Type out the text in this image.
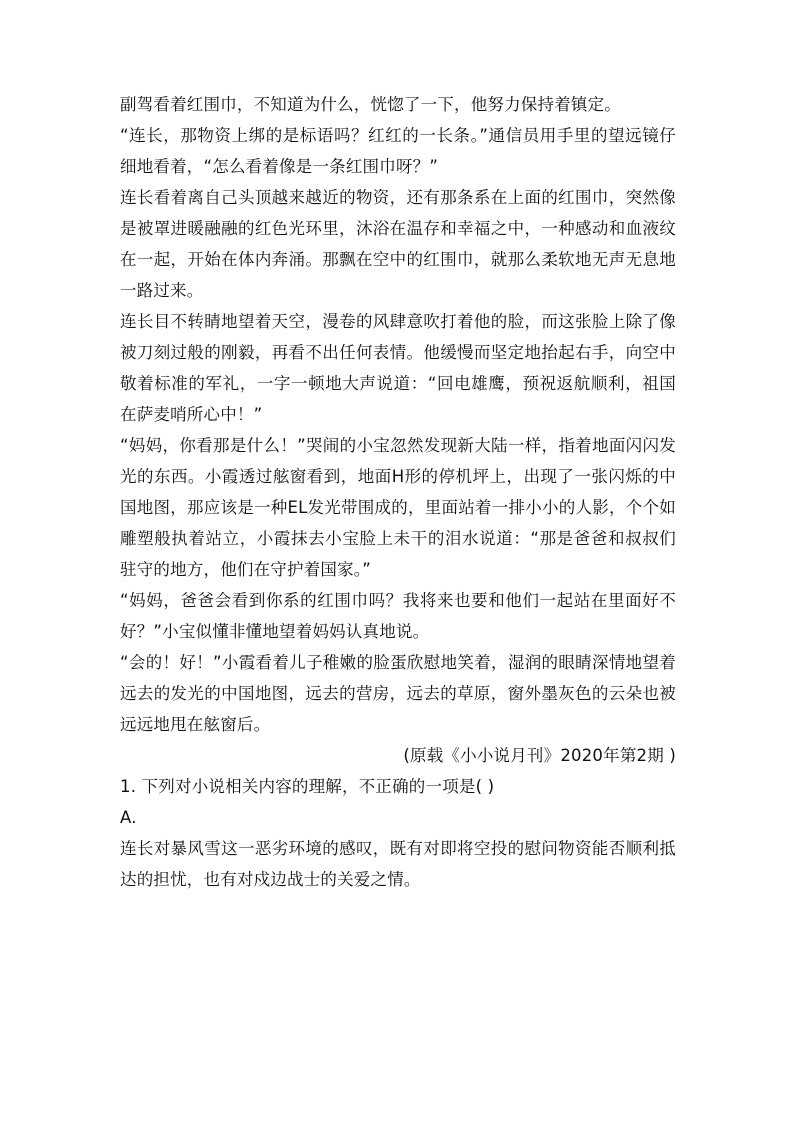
副驾看着红围巾，不知道为什么，恍惚了一下，他努力保持着镇定。

“连长，那物资上绑的是标语吗？红红的一长条。”通信员用手里的望远镜仔细地看着，“怎么看着像是一条红围巾呀？”

连长看着离自己头顶越来越近的物资，还有那条系在上面的红围巾，突然像是被罩进暖融融的红色光环里，沐浴在温存和幸福之中，一种感动和血液纹在一起，开始在体内奔涌。那飘在空中的红围巾，就那么柔软地无声无息地一路过来。

连长目不转睛地望着天空，漫卷的风肆意吹打着他的脸，而这张脸上除了像被刀刻过般的刚毅，再看不出任何表情。他缓慢而坚定地抬起右手，向空中敬着标准的军礼，一字一顿地大声说道：“回电雄鹰，预祝返航顺利，祖国在萨麦哨所心中！”

“妈妈，你看那是什么！”哭闹的小宝忽然发现新大陆一样，指着地面闪闪发光的东西。小霞透过舷窗看到，地面H形的停机坪上，出现了一张闪烁的中国地图，那应该是一种EL发光带围成的，里面站着一排小小的人影，个个如雕塑般执着站立，小霞抹去小宝脸上未干的泪水说道：“那是爸爸和叔叔们驻守的地方，他们在守护着国家。”

“妈妈，爸爸会看到你系的红围巾吗？我将来也要和他们一起站在里面好不好？”小宝似懂非懂地望着妈妈认真地说。

“会的！好！”小霞看着儿子稚嫩的脸蛋欣慰地笑着，湿润的眼睛深情地望着远去的发光的中国地图，远去的营房，远去的草原，窗外墨灰色的云朵也被远远地甩在舷窗后。

(原载《小小说月刊》2020年第2期 )

1. 下列对小说相关内容的理解，不正确的一项是( )

A.

连长对暴风雪这一恶劣环境的感叹，既有对即将空投的慰问物资能否顺利抵达的担忧，也有对戍边战士的关爱之情。
